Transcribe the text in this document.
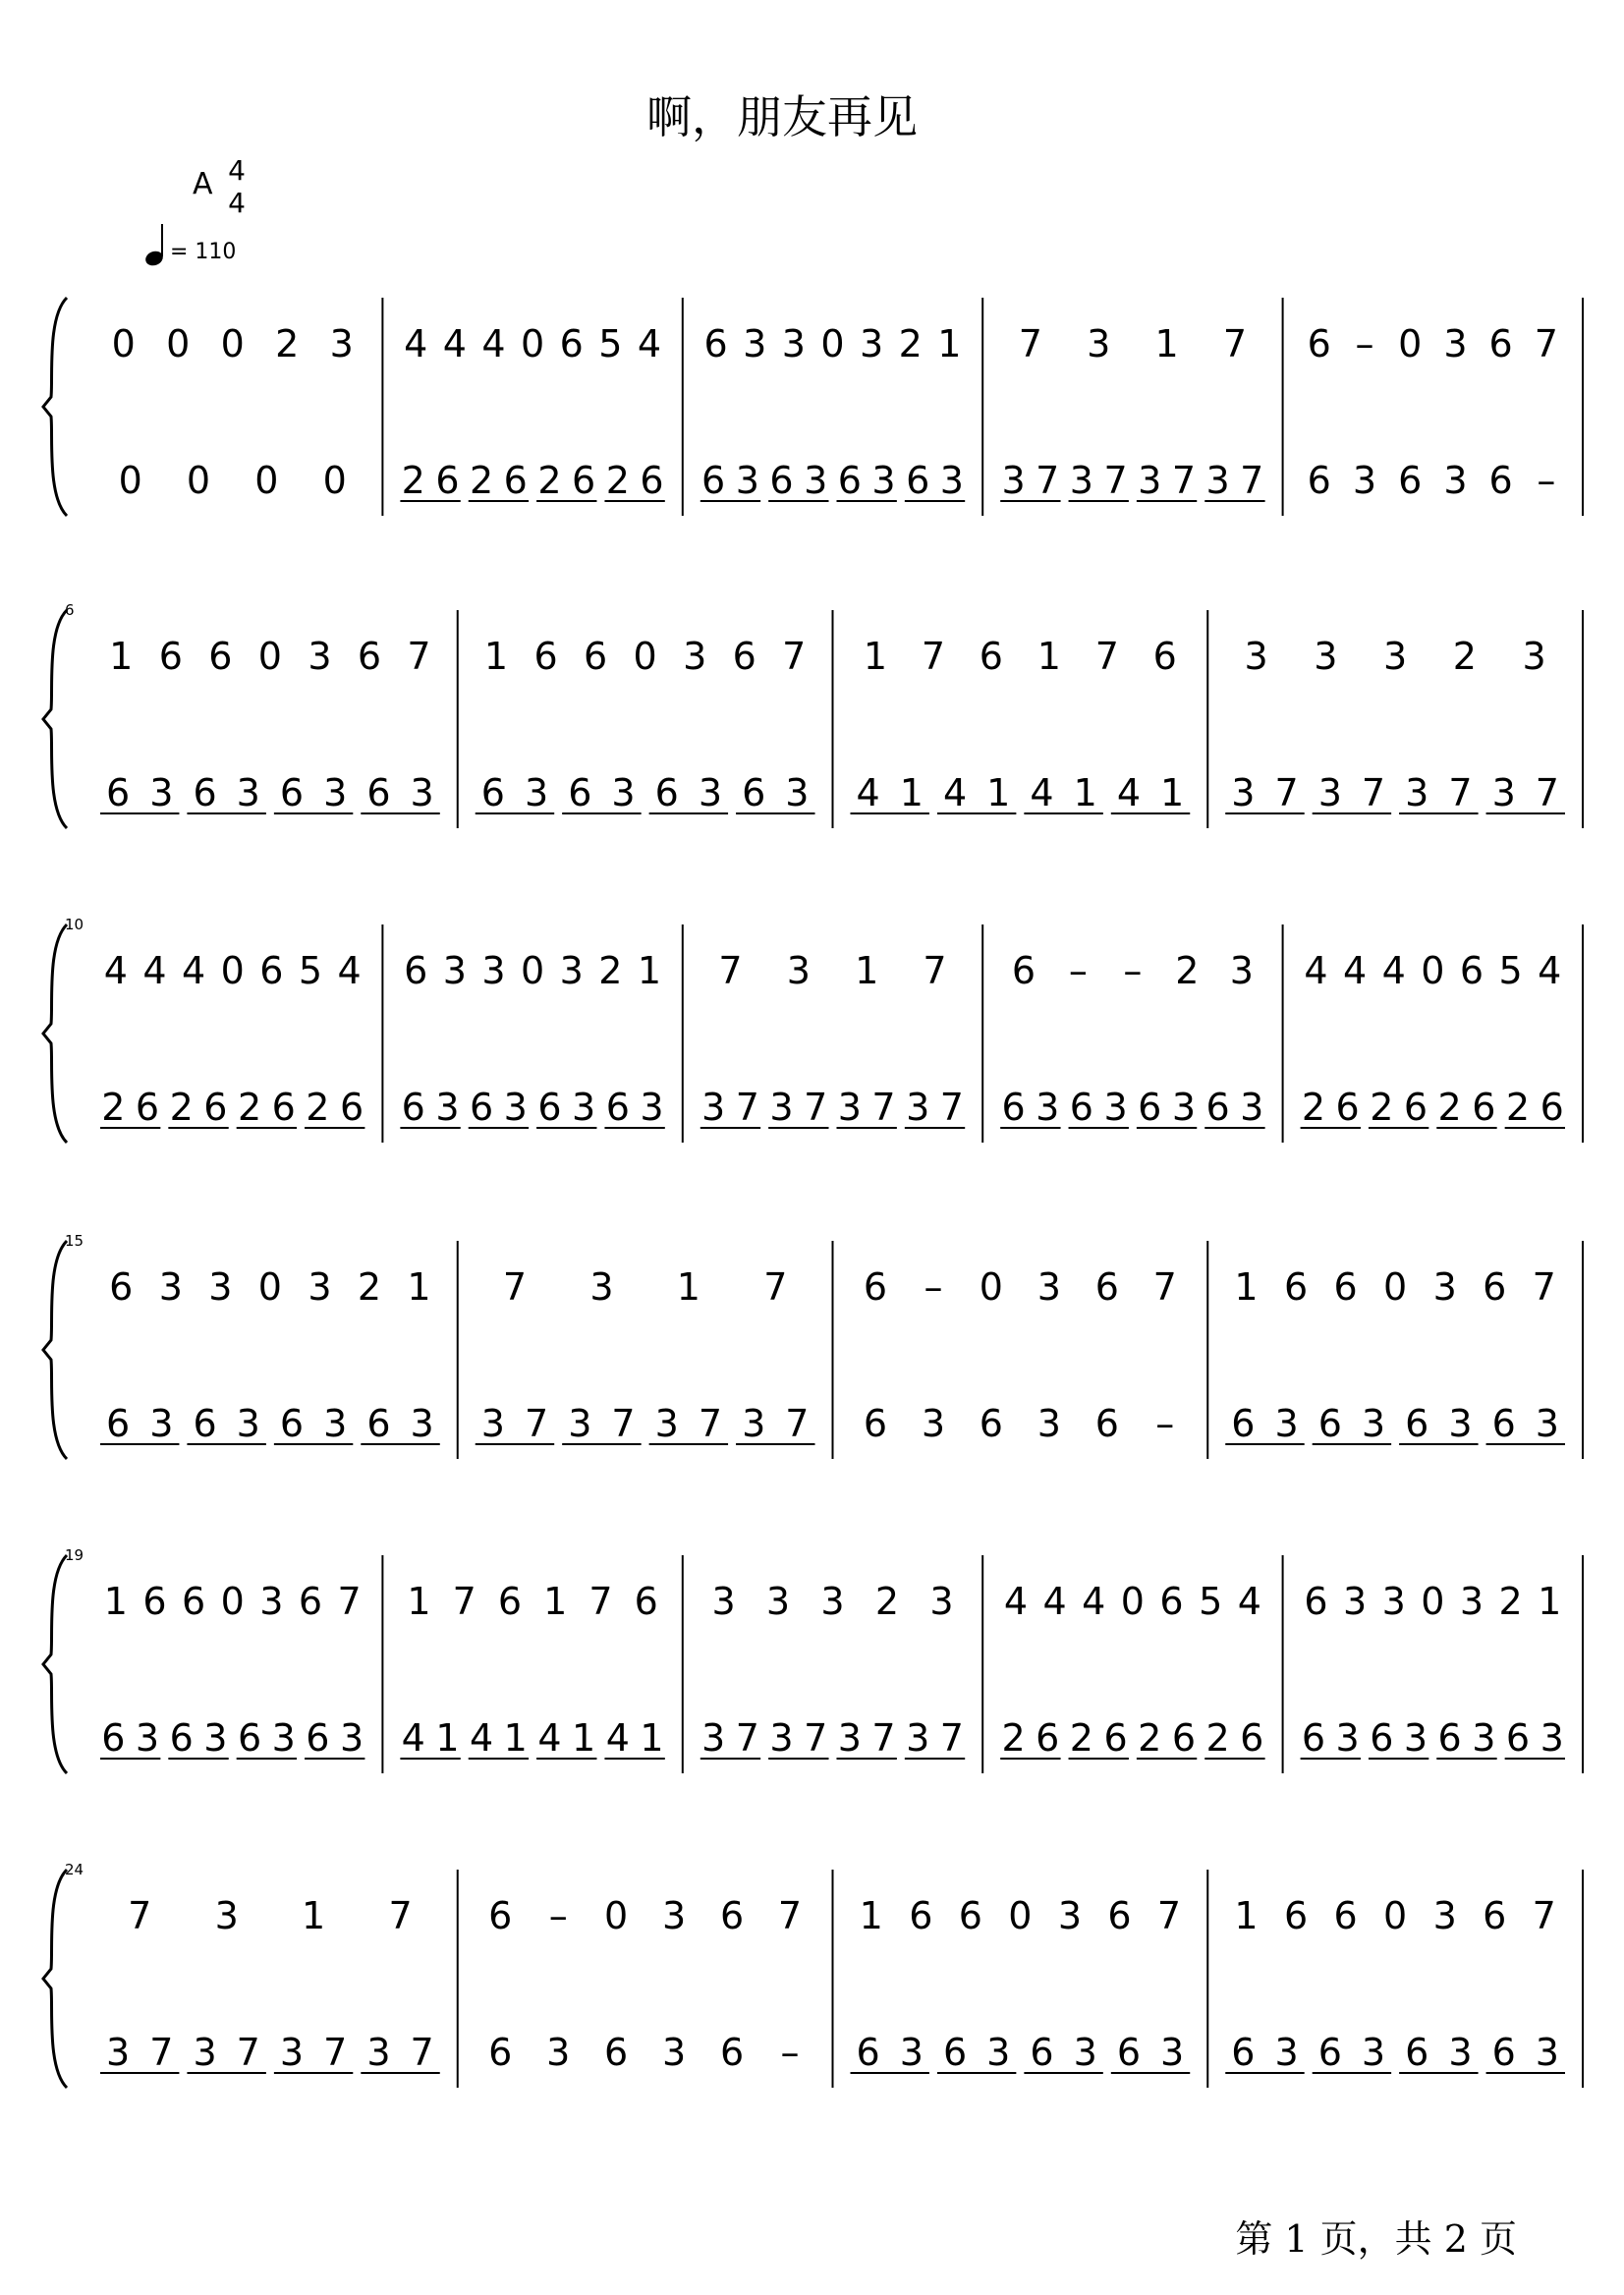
啊，朋友再见
A 4
4
= 110
0 0 0 2 3
0 0 0 0
4 4 4 0 6 5 4
2 6 2 6 2 6 2 6
6 3 3 0 3 2 1
6 3 6 3 6 3 6 3
7 3 1 7
3 7 3 7 3 7 3 7
6 – 0 3 6 7
6 3 6 3 6 –
6
1 6 6 0 3 6 7
6 3 6 3 6 3 6 3
1 6 6 0 3 6 7
6 3 6 3 6 3 6 3
1 7 6 1 7 6
4 1 4 1 4 1 4 1
3 3 3 2 3
3 7 3 7 3 7 3 7
10
4 4 4 0 6 5 4
2 6 2 6 2 6 2 6
6 3 3 0 3 2 1
6 3 6 3 6 3 6 3
7 3 1 7
3 7 3 7 3 7 3 7
6 – – 2 3
6 3 6 3 6 3 6 3
4 4 4 0 6 5 4
2 6 2 6 2 6 2 6
15
6 3 3 0 3 2 1
6 3 6 3 6 3 6 3
7 3 1 7
3 7 3 7 3 7 3 7
6 – 0 3 6 7
6 3 6 3 6 –
1 6 6 0 3 6 7
6 3 6 3 6 3 6 3
19
1 6 6 0 3 6 7
6 3 6 3 6 3 6 3
1 7 6 1 7 6
4 1 4 1 4 1 4 1
3 3 3 2 3
3 7 3 7 3 7 3 7
4 4 4 0 6 5 4
2 6 2 6 2 6 2 6
6 3 3 0 3 2 1
6 3 6 3 6 3 6 3
24
7 3 1 7
3 7 3 7 3 7 3 7
6 – 0 3 6 7
6 3 6 3 6 –
1 6 6 0 3 6 7
6 3 6 3 6 3 6 3
1 6 6 0 3 6 7
6 3 6 3 6 3 6 3
第 1 页，共 2 页
